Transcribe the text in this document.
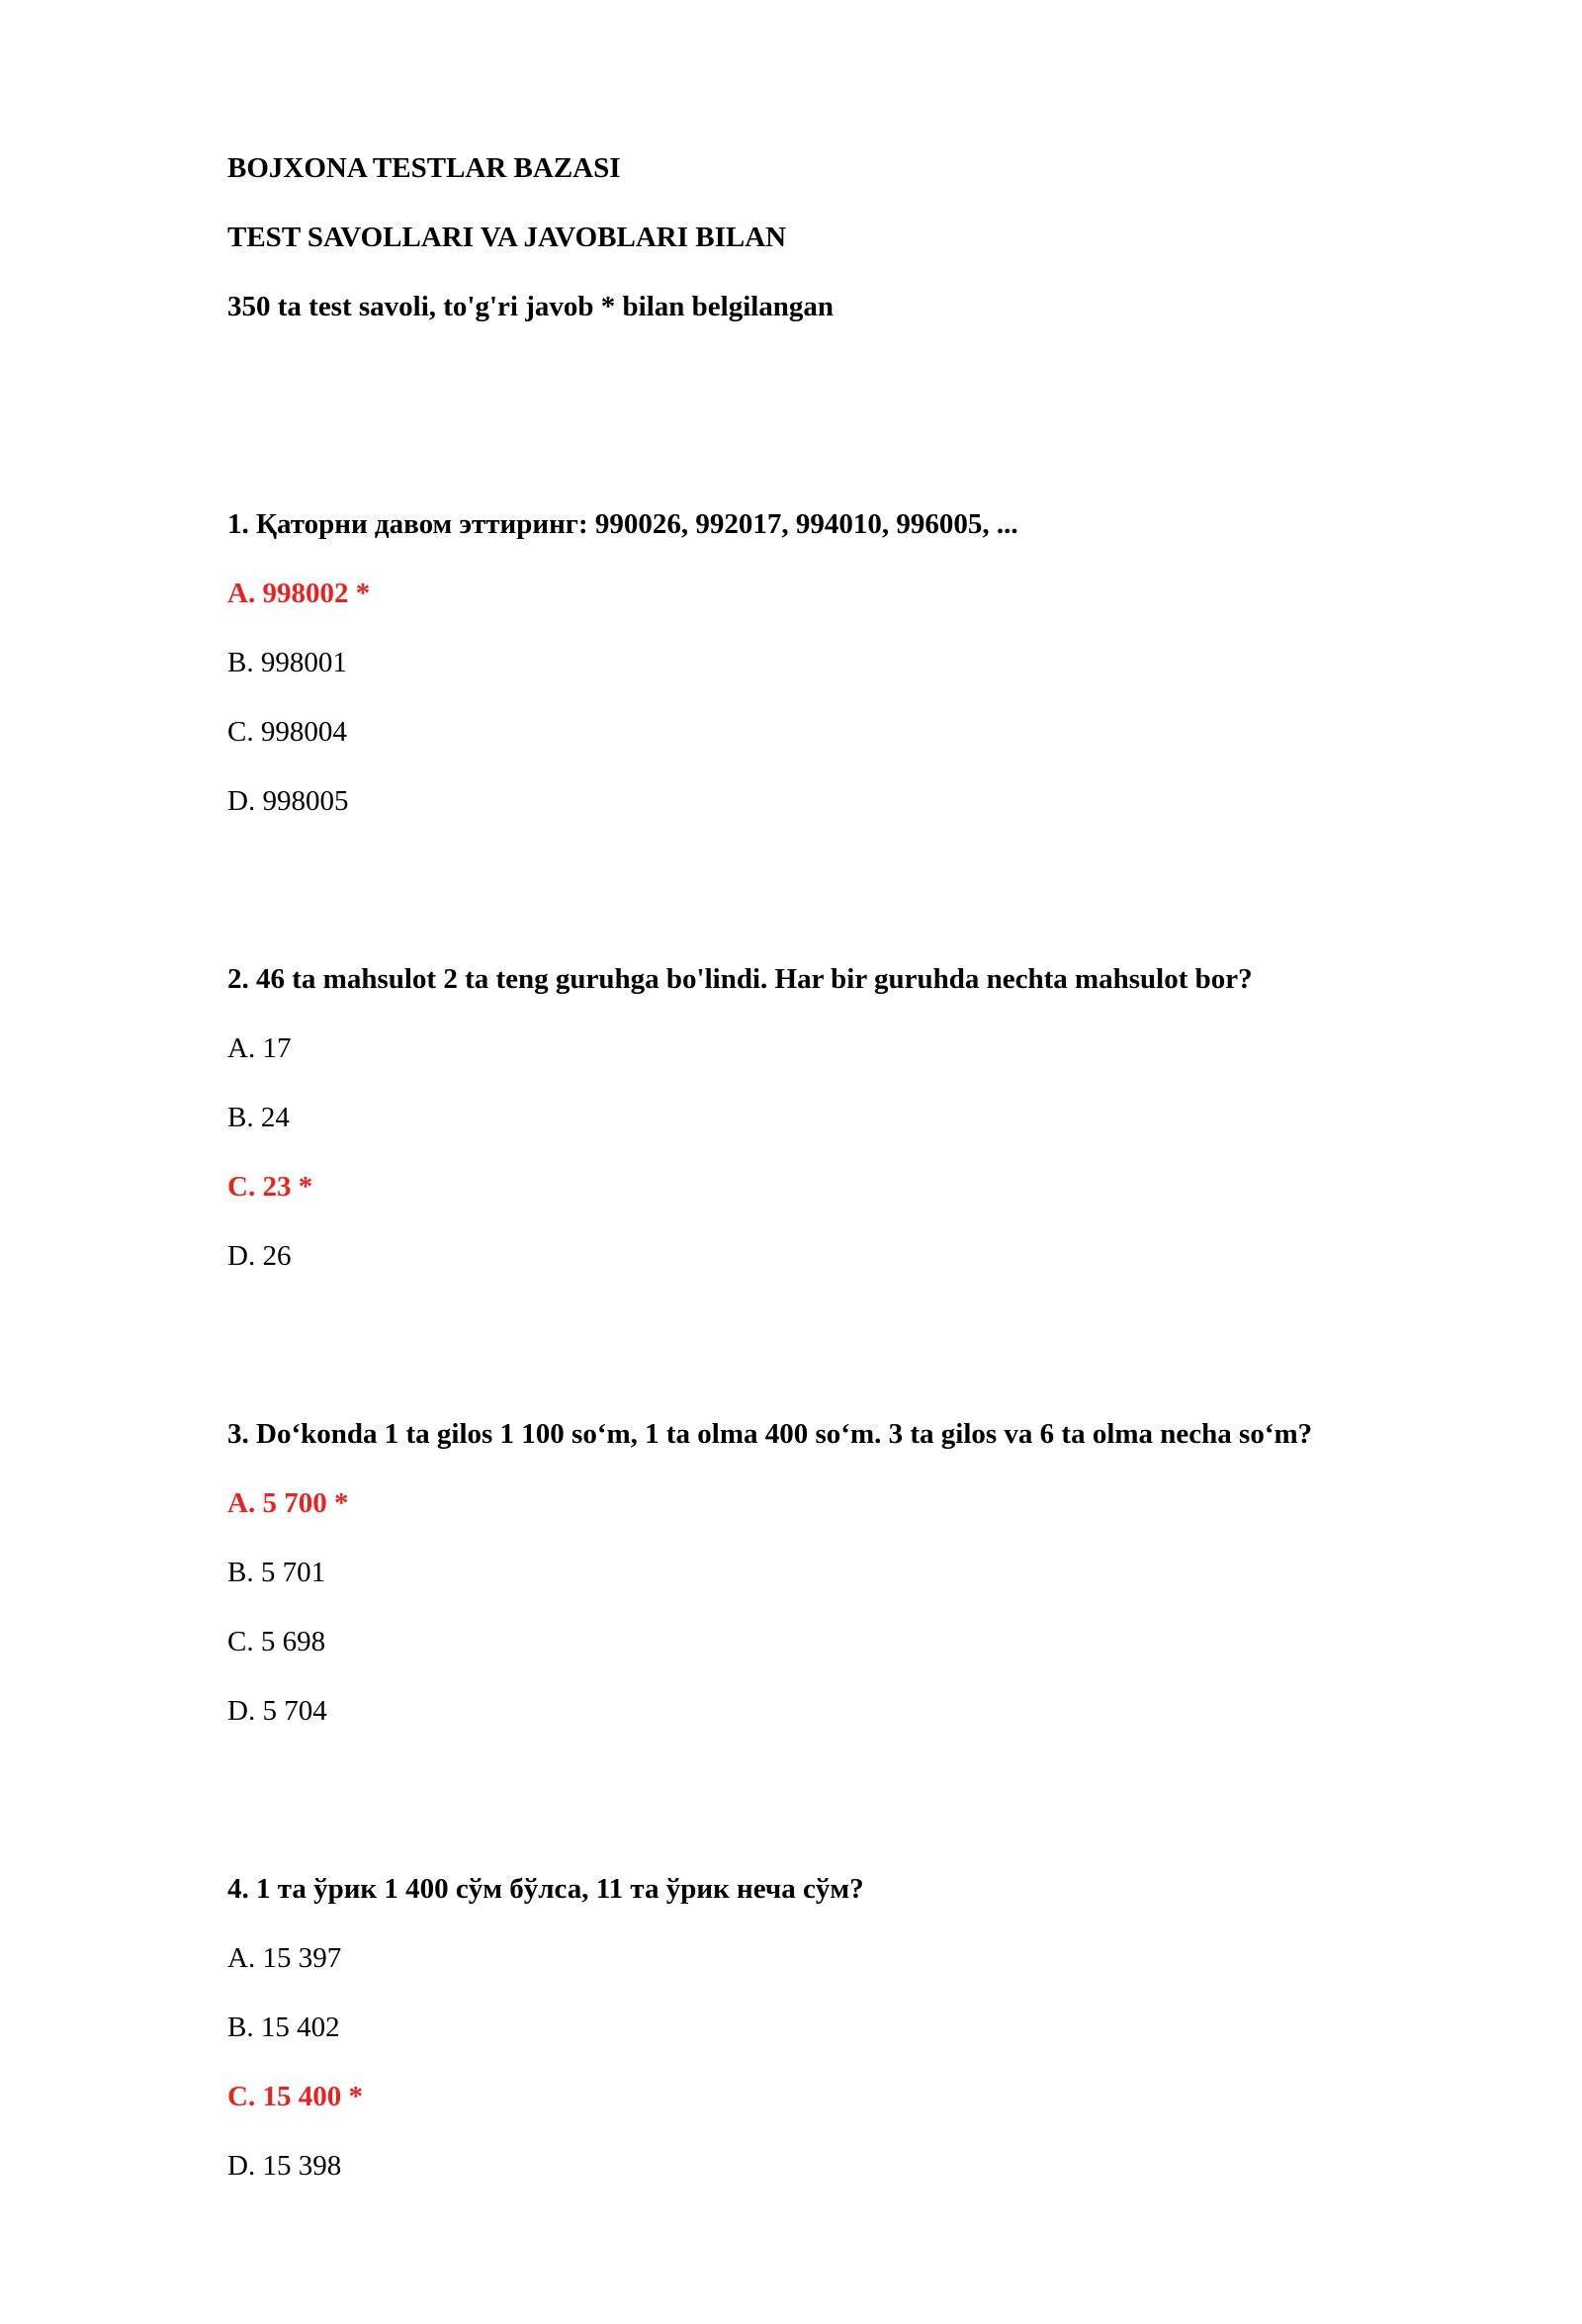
BOJXONA TESTLAR BAZASI
TEST SAVOLLARI VA JAVOBLARI BILAN
350 ta test savoli, to'g'ri javob * bilan belgilangan
1. Қаторни давом эттиринг: 990026, 992017, 994010, 996005, ...
A. 998002 *
B. 998001
C. 998004
D. 998005
2. 46 ta mahsulot 2 ta teng guruhga bo'lindi. Har bir guruhda nechta mahsulot bor?
A. 17
B. 24
C. 23 *
D. 26
3. Do‘konda 1 ta gilos 1 100 so‘m, 1 ta olma 400 so‘m. 3 ta gilos va 6 ta olma necha so‘m?
A. 5 700 *
B. 5 701
C. 5 698
D. 5 704
4. 1 та ўрик 1 400 сўм бўлса, 11 та ўрик неча сўм?
A. 15 397
B. 15 402
C. 15 400 *
D. 15 398
